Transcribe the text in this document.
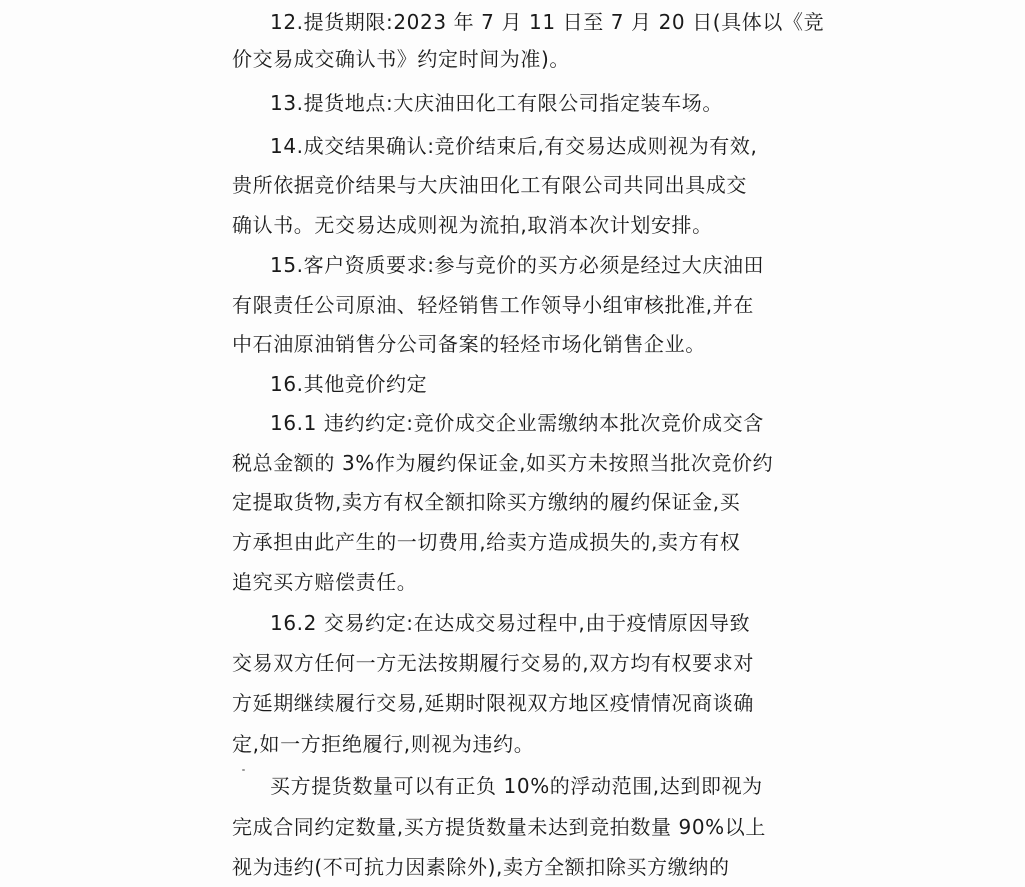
12.提货期限:2023 年 7 月 11 日至 7 月 20 日(具体以《竞
价交易成交确认书》约定时间为准)。
13.提货地点:大庆油田化工有限公司指定装车场。
14.成交结果确认:竞价结束后,有交易达成则视为有效,
贵所依据竞价结果与大庆油田化工有限公司共同出具成交
确认书。无交易达成则视为流拍,取消本次计划安排。
15.客户资质要求:参与竞价的买方必须是经过大庆油田
有限责任公司原油、轻烃销售工作领导小组审核批准,并在
中石油原油销售分公司备案的轻烃市场化销售企业。
16.其他竞价约定
16.1 违约约定:竞价成交企业需缴纳本批次竞价成交含
税总金额的 3%作为履约保证金,如买方未按照当批次竞价约
定提取货物,卖方有权全额扣除买方缴纳的履约保证金,买
方承担由此产生的一切费用,给卖方造成损失的,卖方有权
追究买方赔偿责任。
16.2 交易约定:在达成交易过程中,由于疫情原因导致
交易双方任何一方无法按期履行交易的,双方均有权要求对
方延期继续履行交易,延期时限视双方地区疫情情况商谈确
定,如一方拒绝履行,则视为违约。
买方提货数量可以有正负 10%的浮动范围,达到即视为
完成合同约定数量,买方提货数量未达到竞拍数量 90%以上
视为违约(不可抗力因素除外),卖方全额扣除买方缴纳的
